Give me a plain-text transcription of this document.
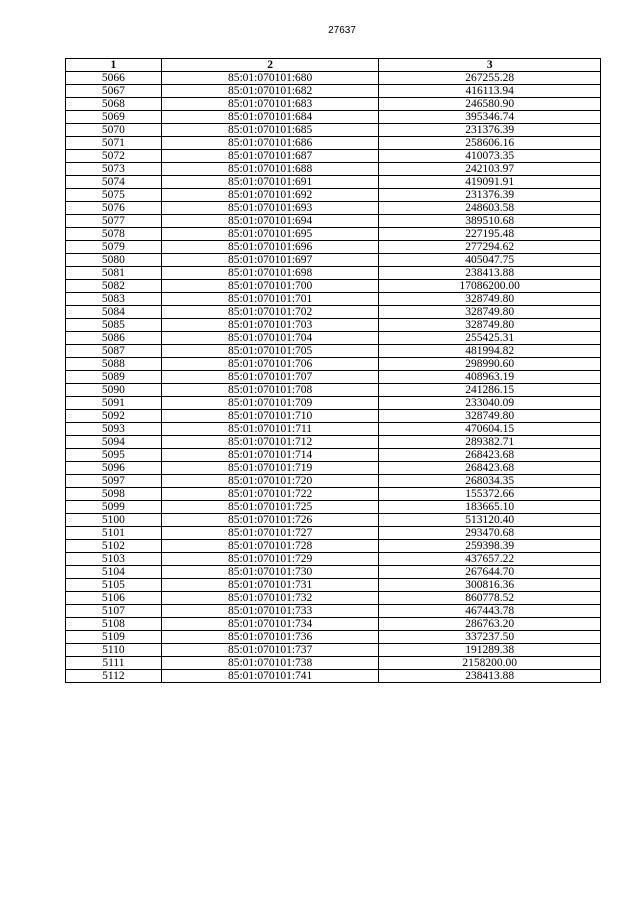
27637
1	2	3
5066	85:01:070101:680	267255.28
5067	85:01:070101:682	416113.94
5068	85:01:070101:683	246580.90
5069	85:01:070101:684	395346.74
5070	85:01:070101:685	231376.39
5071	85:01:070101:686	258606.16
5072	85:01:070101:687	410073.35
5073	85:01:070101:688	242103.97
5074	85:01:070101:691	419091.91
5075	85:01:070101:692	231376.39
5076	85:01:070101:693	248603.58
5077	85:01:070101:694	389510.68
5078	85:01:070101:695	227195.48
5079	85:01:070101:696	277294.62
5080	85:01:070101:697	405047.75
5081	85:01:070101:698	238413.88
5082	85:01:070101:700	17086200.00
5083	85:01:070101:701	328749.80
5084	85:01:070101:702	328749.80
5085	85:01:070101:703	328749.80
5086	85:01:070101:704	255425.31
5087	85:01:070101:705	481994.82
5088	85:01:070101:706	298990.60
5089	85:01:070101:707	408963.19
5090	85:01:070101:708	241286.15
5091	85:01:070101:709	233040.09
5092	85:01:070101:710	328749.80
5093	85:01:070101:711	470604.15
5094	85:01:070101:712	289382.71
5095	85:01:070101:714	268423.68
5096	85:01:070101:719	268423.68
5097	85:01:070101:720	268034.35
5098	85:01:070101:722	155372.66
5099	85:01:070101:725	183665.10
5100	85:01:070101:726	513120.40
5101	85:01:070101:727	293470.68
5102	85:01:070101:728	259398.39
5103	85:01:070101:729	437657.22
5104	85:01:070101:730	267644.70
5105	85:01:070101:731	300816.36
5106	85:01:070101:732	860778.52
5107	85:01:070101:733	467443.78
5108	85:01:070101:734	286763.20
5109	85:01:070101:736	337237.50
5110	85:01:070101:737	191289.38
5111	85:01:070101:738	2158200.00
5112	85:01:070101:741	238413.88
